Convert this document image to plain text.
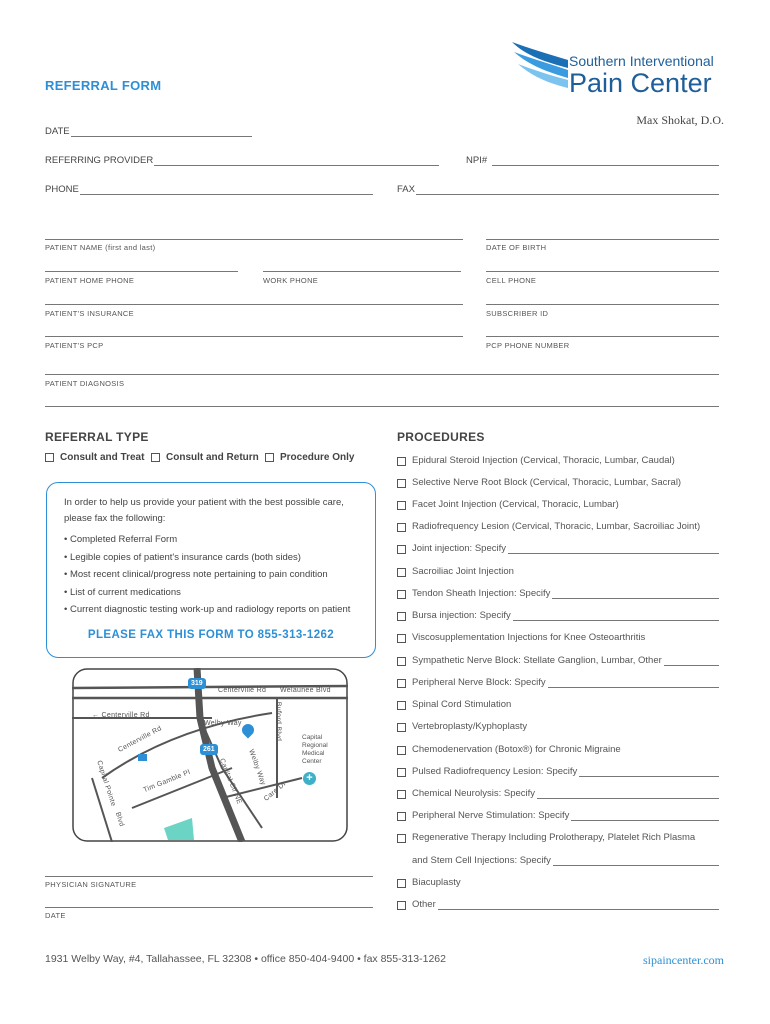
REFERRAL FORM
Southern Interventional
Pain Center
Max Shokat, D.O.
DATE
REFERRING PROVIDER	NPI#
PHONE	FAX
PATIENT NAME (first and last)	DATE OF BIRTH
PATIENT HOME PHONE	WORK PHONE	CELL PHONE
PATIENT'S INSURANCE	SUBSCRIBER ID
PATIENT'S PCP	PCP PHONE NUMBER
PATIENT DIAGNOSIS
REFERRAL TYPE
Consult and Treat	Consult and Return	Procedure Only
In order to help us provide your patient with the best possible care,
please fax the following:
• Completed Referral Form
• Legible copies of patient's insurance cards (both sides)
• Most recent clinical/progress note pertaining to pain condition
• List of current medications
• Current diagnostic testing work-up and radiology reports on patient
PLEASE FAX THIS FORM TO 855-313-1262
319
261
Centerville Rd Welaunee Blvd
← Centerville Rd
Centerville Rd
Welby Way	Buford Blvd
Welby Way
Capital Cir NE	Care Dr
Tim Gamble Pl
Capital Pointe
Blvd
Capital
Regional
Medical
Center
+
PHYSICIAN SIGNATURE
DATE
PROCEDURES
Epidural Steroid Injection (Cervical, Thoracic, Lumbar, Caudal)
Selective Nerve Root Block (Cervical, Thoracic, Lumbar, Sacral)
Facet Joint Injection (Cervical, Thoracic, Lumbar)
Radiofrequency Lesion (Cervical, Thoracic, Lumbar, Sacroiliac Joint)
Joint injection: Specify
Sacroiliac Joint Injection
Tendon Sheath Injection: Specify
Bursa injection: Specify
Viscosupplementation Injections for Knee Osteoarthritis
Sympathetic Nerve Block: Stellate Ganglion, Lumbar, Other
Peripheral Nerve Block: Specify
Spinal Cord Stimulation
Vertebroplasty/Kyphoplasty
Chemodenervation (Botox®) for Chronic Migraine
Pulsed Radiofrequency Lesion: Specify
Chemical Neurolysis: Specify
Peripheral Nerve Stimulation: Specify
Regenerative Therapy Including Prolotherapy, Platelet Rich Plasma
Biacuplasty
Other
and Stem Cell Injections: Specify
1931 Welby Way, #4, Tallahassee, FL 32308 • office 850-404-9400 • fax 855-313-1262	sipaincenter.com
